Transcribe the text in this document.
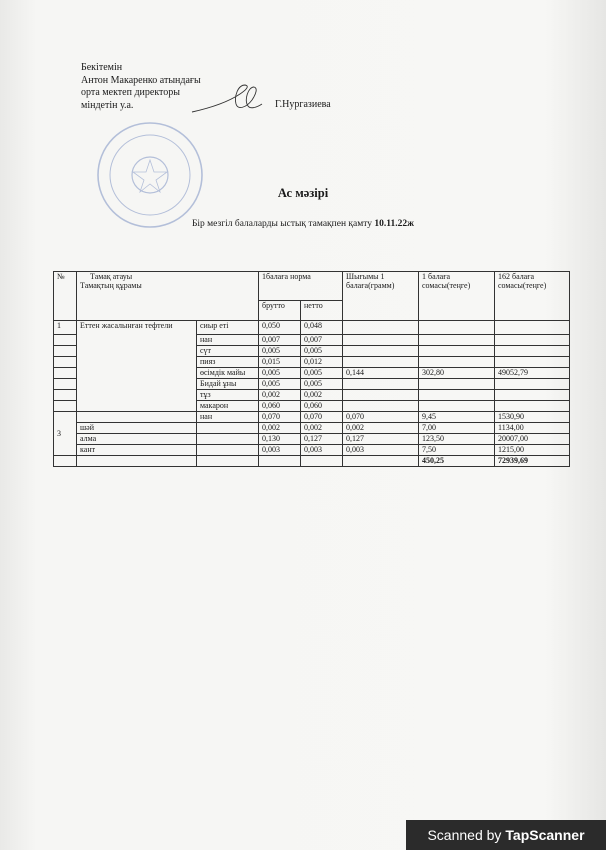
Бекітемін
Антон Макаренко атындағы
орта мектеп директоры
міндетін у.а.	Г.Нургазиева
Ас мәзірі
Бір мезгіл балаларды ыстық тамақпен қамту 10.11.22ж
№	Тамақ атауы
Тамақтың құрамы		1балаға норма		Шығымы 1 балаға(грамм)	1 балаға сомасы(теңге)	162 балаға сомасы(теңге)
			брутто	нетто			
1	Еттен жасалынған тефтели	сиыр еті	0,050	0,048			
		нан	0,007	0,007			
		сүт	0,005	0,005			
		пияз	0,015	0,012			
		өсімдік майы	0,005	0,005	0,144	302,80	49052,79
		Бидай ұны	0,005	0,005			
		тұз	0,002	0,002			
		макарон	0,060	0,060			
3		нан	0,070	0,070	0,070	9,45	1530,90
	шәй		0,002	0,002	0,002	7,00	1134,00
	алма		0,130	0,127	0,127	123,50	20007,00
	кант		0,003	0,003	0,003	7,50	1215,00
						450,25	72939,69
Scanned by TapScanner
